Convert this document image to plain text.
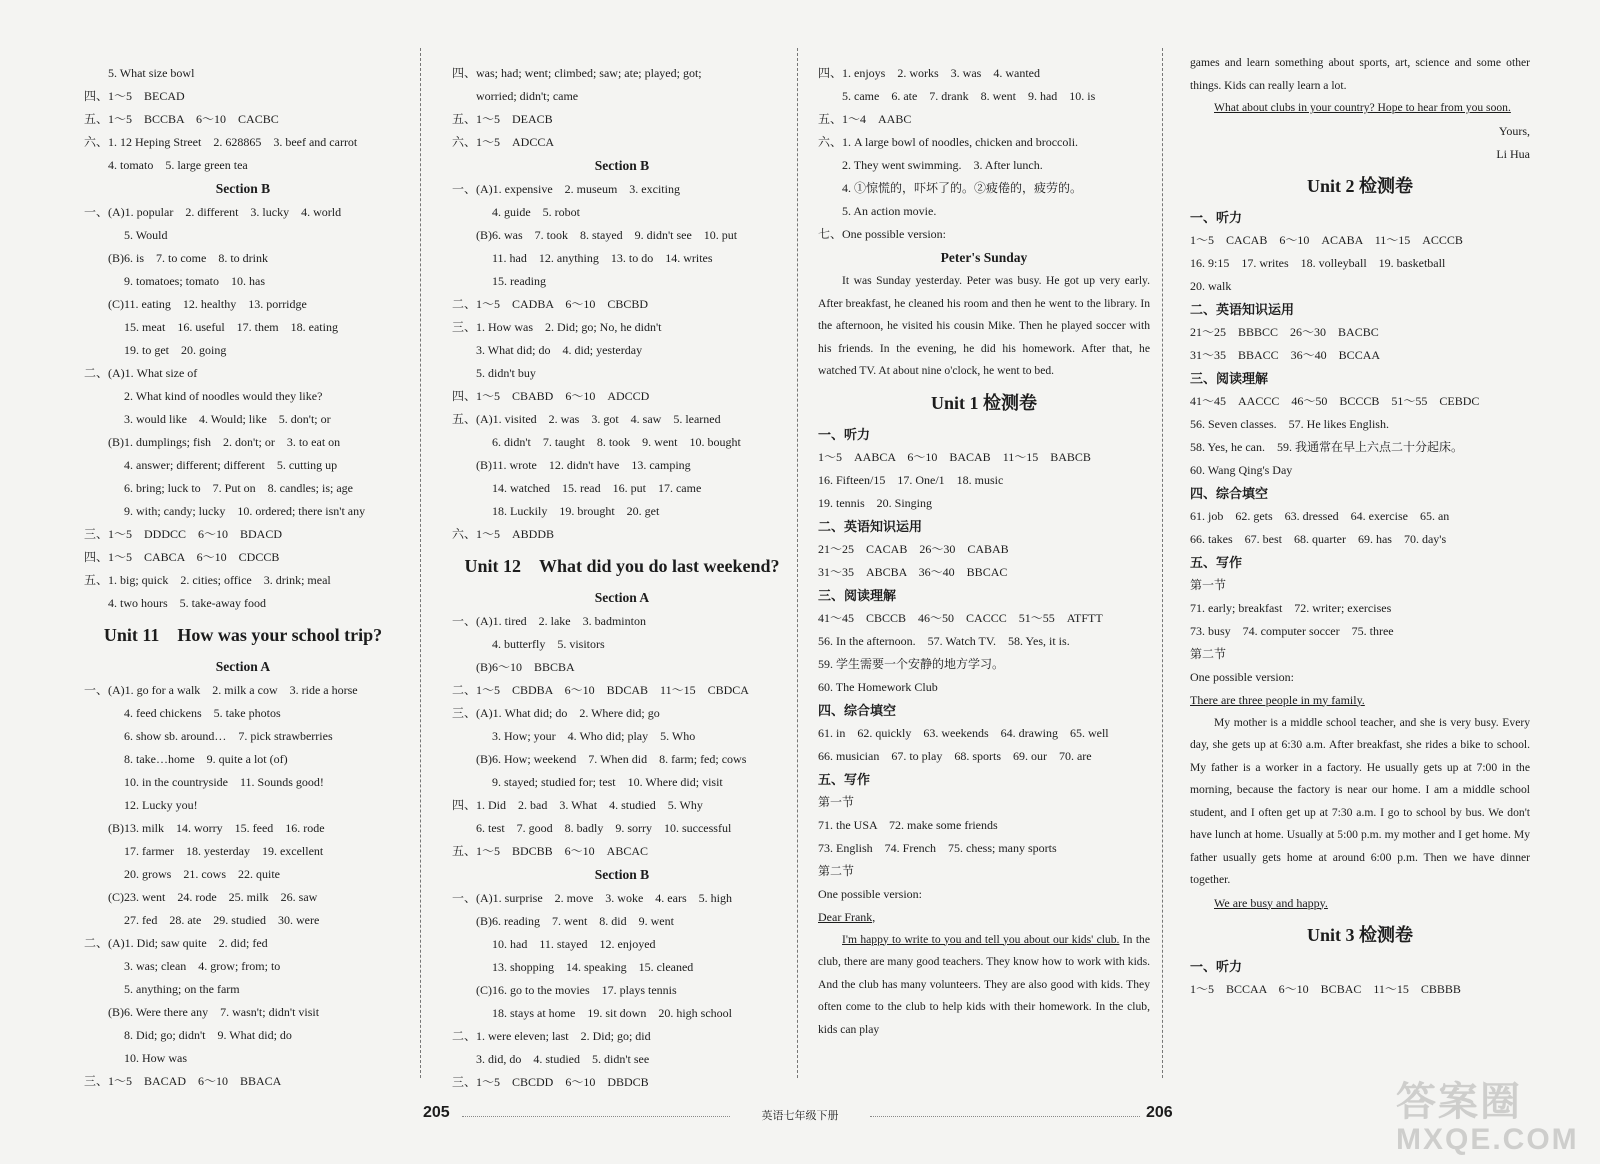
5. What size bowl
四、1～5　BECAD
五、1～5　BCCBA　6～10　CACBC
六、1. 12 Heping Street　2. 628865　3. beef and carrot
4. tomato　5. large green tea
Section B
一、(A)1. popular　2. different　3. lucky　4. world
5. Would
(B)6. is　7. to come　8. to drink
9. tomatoes; tomato　10. has
(C)11. eating　12. healthy　13. porridge
15. meat　16. useful　17. them　18. eating
19. to get　20. going
二、(A)1. What size of
2. What kind of noodles would they like?
3. would like　4. Would; like　5. don't; or
(B)1. dumplings; fish　2. don't; or　3. to eat on
4. answer; different; different　5. cutting up
6. bring; luck to　7. Put on　8. candles; is; age
9. with; candy; lucky　10. ordered; there isn't any
三、1～5　DDDCC　6～10　BDACD
四、1～5　CABCA　6～10　CDCCB
五、1. big; quick　2. cities; office　3. drink; meal
4. two hours　5. take-away food
Unit 11　How was your school trip?
Section A
一、(A)1. go for a walk　2. milk a cow　3. ride a horse
4. feed chickens　5. take photos
6. show sb. around…　7. pick strawberries
8. take…home　9. quite a lot (of)
10. in the countryside　11. Sounds good!
12. Lucky you!
(B)13. milk　14. worry　15. feed　16. rode
17. farmer　18. yesterday　19. excellent
20. grows　21. cows　22. quite
(C)23. went　24. rode　25. milk　26. saw
27. fed　28. ate　29. studied　30. were
二、(A)1. Did; saw quite　2. did; fed
3. was; clean　4. grow; from; to
5. anything; on the farm
(B)6. Were there any　7. wasn't; didn't visit
8. Did; go; didn't　9. What did; do
10. How was
三、1～5　BACAD　6～10　BBACA
四、was; had; went; climbed; saw; ate; played; got;
worried; didn't; came
五、1～5　DEACB
六、1～5　ADCCA
Section B
一、(A)1. expensive　2. museum　3. exciting
4. guide　5. robot
(B)6. was　7. took　8. stayed　9. didn't see　10. put
11. had　12. anything　13. to do　14. writes
15. reading
二、1～5　CADBA　6～10　CBCBD
三、1. How was　2. Did; go; No, he didn't
3. What did; do　4. did; yesterday
5. didn't buy
四、1～5　CBABD　6～10　ADCCD
五、(A)1. visited　2. was　3. got　4. saw　5. learned
6. didn't　7. taught　8. took　9. went　10. bought
(B)11. wrote　12. didn't have　13. camping
14. watched　15. read　16. put　17. came
18. Luckily　19. brought　20. get
六、1～5　ABDDB
Unit 12　What did you do last weekend?
Section A
一、(A)1. tired　2. lake　3. badminton
4. butterfly　5. visitors
(B)6～10　BBCBA
二、1～5　CBDBA　6～10　BDCAB　11～15　CBDCA
三、(A)1. What did; do　2. Where did; go
3. How; your　4. Who did; play　5. Who
(B)6. How; weekend　7. When did　8. farm; fed; cows
9. stayed; studied for; test　10. Where did; visit
四、1. Did　2. bad　3. What　4. studied　5. Why
6. test　7. good　8. badly　9. sorry　10. successful
五、1～5　BDCBB　6～10　ABCAC
Section B
一、(A)1. surprise　2. move　3. woke　4. ears　5. high
(B)6. reading　7. went　8. did　9. went
10. had　11. stayed　12. enjoyed
13. shopping　14. speaking　15. cleaned
(C)16. go to the movies　17. plays tennis
18. stays at home　19. sit down　20. high school
二、1. were eleven; last　2. Did; go; did
3. did, do　4. studied　5. didn't see
三、1～5　CBCDD　6～10　DBDCB
四、1. enjoys　2. works　3. was　4. wanted
5. came　6. ate　7. drank　8. went　9. had　10. is
五、1～4　AABC
六、1. A large bowl of noodles, chicken and broccoli.
2. They went swimming.　3. After lunch.
4. ①惊慌的，吓坏了的。②疲倦的，疲劳的。
5. An action movie.
七、One possible version:
Peter's Sunday
It was Sunday yesterday. Peter was busy. He got up very early. After breakfast, he cleaned his room and then he went to the library. In the afternoon, he visited his cousin Mike. Then he played soccer with his friends. In the evening, he did his homework. After that, he watched TV. At about nine o'clock, he went to bed.
Unit 1 检测卷
一、听力
1～5　AABCA　6～10　BACAB　11～15　BABCB
16. Fifteen/15　17. One/1　18. music
19. tennis　20. Singing
二、英语知识运用
21～25　CACAB　26～30　CABAB
31～35　ABCBA　36～40　BBCAC
三、阅读理解
41～45　CBCCB　46～50　CACCC　51～55　ATFTT
56. In the afternoon.　57. Watch TV.　58. Yes, it is.
59. 学生需要一个安静的地方学习。
60. The Homework Club
四、综合填空
61. in　62. quickly　63. weekends　64. drawing　65. well
66. musician　67. to play　68. sports　69. our　70. are
五、写作
第一节
71. the USA　72. make some friends
73. English　74. French　75. chess; many sports
第二节
One possible version:
Dear Frank,
I'm happy to write to you and tell you about our kids' club. In the club, there are many good teachers. They know how to work with kids. And the club has many volunteers. They are also good with kids. They often come to the club to help kids with their homework. In the club, kids can play
games and learn something about sports, art, science and some other things. Kids can really learn a lot.
What about clubs in your country? Hope to hear from you soon.
Yours,
Li Hua
Unit 2 检测卷
一、听力
1～5　CACAB　6～10　ACABA　11～15　ACCCB
16. 9:15　17. writes　18. volleyball　19. basketball
20. walk
二、英语知识运用
21～25　BBBCC　26～30　BACBC
31～35　BBACC　36～40　BCCAA
三、阅读理解
41～45　AACCC　46～50　BCCCB　51～55　CEBDC
56. Seven classes.　57. He likes English.
58. Yes, he can.　59. 我通常在早上六点二十分起床。
60. Wang Qing's Day
四、综合填空
61. job　62. gets　63. dressed　64. exercise　65. an
66. takes　67. best　68. quarter　69. has　70. day's
五、写作
第一节
71. early; breakfast　72. writer; exercises
73. busy　74. computer soccer　75. three
第二节
One possible version:
There are three people in my family.
My mother is a middle school teacher, and she is very busy. Every day, she gets up at 6:30 a.m. After breakfast, she rides a bike to school. My father is a worker in a factory. He usually gets up at 7:00 in the morning, because the factory is near our home. I am a middle school student, and I often get up at 7:30 a.m. I go to school by bus. We don't have lunch at home. Usually at 5:00 p.m. my mother and I get home. My father usually gets home at around 6:00 p.m. Then we have dinner together.
We are busy and happy.
Unit 3 检测卷
一、听力
1～5　BCCAA　6～10　BCBAC　11～15　CBBBB
205	英语七年级下册	206	答案圈
MXQE.COM
